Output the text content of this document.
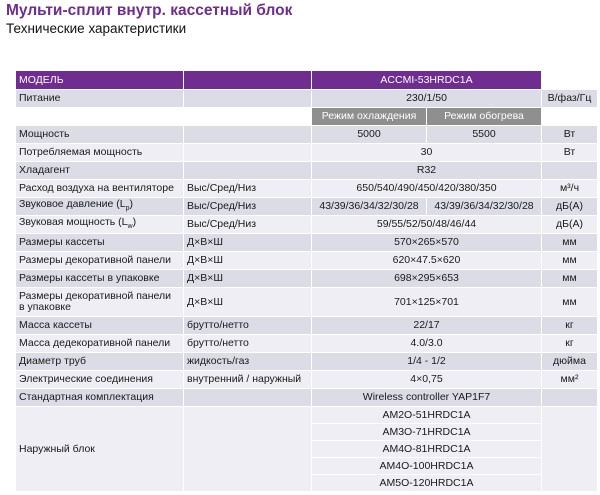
Мульти-сплит внутр. кассетный блок
Технические характеристики
МОДЕЛЬ		ACCMI-53HRDC1A		
Питание		230/1/50		В/фаз/Гц
		Режим охлаждения	Режим обогрева	
Мощность		5000	5500	Вт
Потребляемая мощность		30		Вт
Хладагент		R32		
Расход воздуха на вентиляторе	Выс/Сред/Низ	650/540/490/450/420/380/350		м³/ч
Звуковое давление $(L_p)$	Выс/Сред/Низ	43/39/36/34/32/30/28	43/39/36/34/32/30/28	дБ(А)
Звуковая мощность $(L_w)$	Выс/Сред/Низ	59/55/52/50/48/46/44		дБ(А)
Размеры кассеты	Д×В×Ш	570×265×570		мм
Размеры декоративной панели	Д×В×Ш	620×47.5×620		мм
Размеры кассеты в упаковке	Д×В×Ш	698×295×653		мм
Размеры декоративной панели
в упаковке	Д×В×Ш	701×125×701		мм
Масса кассеты	брутто/нетто	22/17		кг
Масса дедекоративной панели	брутто/нетто	4.0/3.0		кг
Диаметр труб	жидкость/газ	1/4 - 1/2		дюйма
Электрические соединения	внутренний / наружный	4×0,75		мм²
Стандартная комплектация		Wireless controller YAP1F7		
Наружный блок		AM2O-51HRDC1A		
		AM3O-71HRDC1A		
		AM4O-81HRDC1A		
		AM4O-100HRDC1A		
		AM5O-120HRDC1A		
